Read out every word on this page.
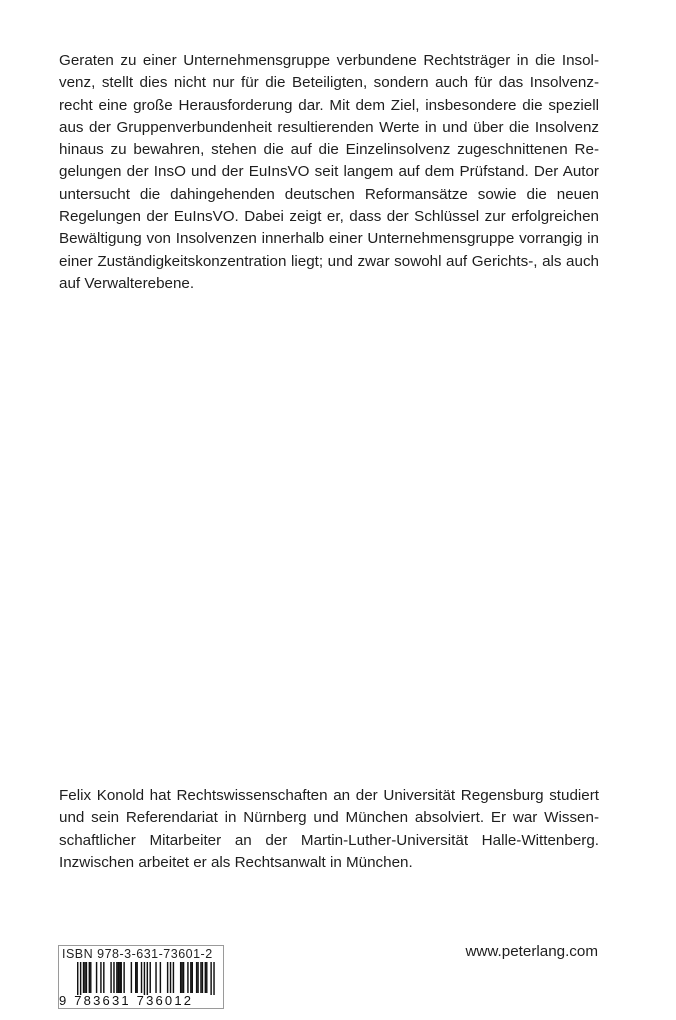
Geraten zu einer Unternehmensgruppe verbundene Rechtsträger in die Insolvenz, stellt dies nicht nur für die Beteiligten, sondern auch für das Insolvenzrecht eine große Herausforderung dar. Mit dem Ziel, insbesondere die speziell aus der Gruppenverbundenheit resultierenden Werte in und über die Insolvenz hinaus zu bewahren, stehen die auf die Einzelinsolvenz zugeschnittenen Regelungen der InsO und der EuInsVO seit langem auf dem Prüfstand. Der Autor untersucht die dahingehenden deutschen Reformansätze sowie die neuen Regelungen der EuInsVO. Dabei zeigt er, dass der Schlüssel zur erfolgreichen Bewältigung von Insolvenzen innerhalb einer Unternehmensgruppe vorrangig in einer Zuständigkeitskonzentration liegt; und zwar sowohl auf Gerichts-, als auch auf Verwalterebene.

Felix Konold hat Rechtswissenschaften an der Universität Regensburg studiert und sein Referendariat in Nürnberg und München absolviert. Er war Wissenschaftlicher Mitarbeiter an der Martin-Luther-Universität Halle-Wittenberg. Inzwischen arbeitet er als Rechtsanwalt in München.

ISBN 978-3-631-73601-2
9 783631 736012
www.peterlang.com
